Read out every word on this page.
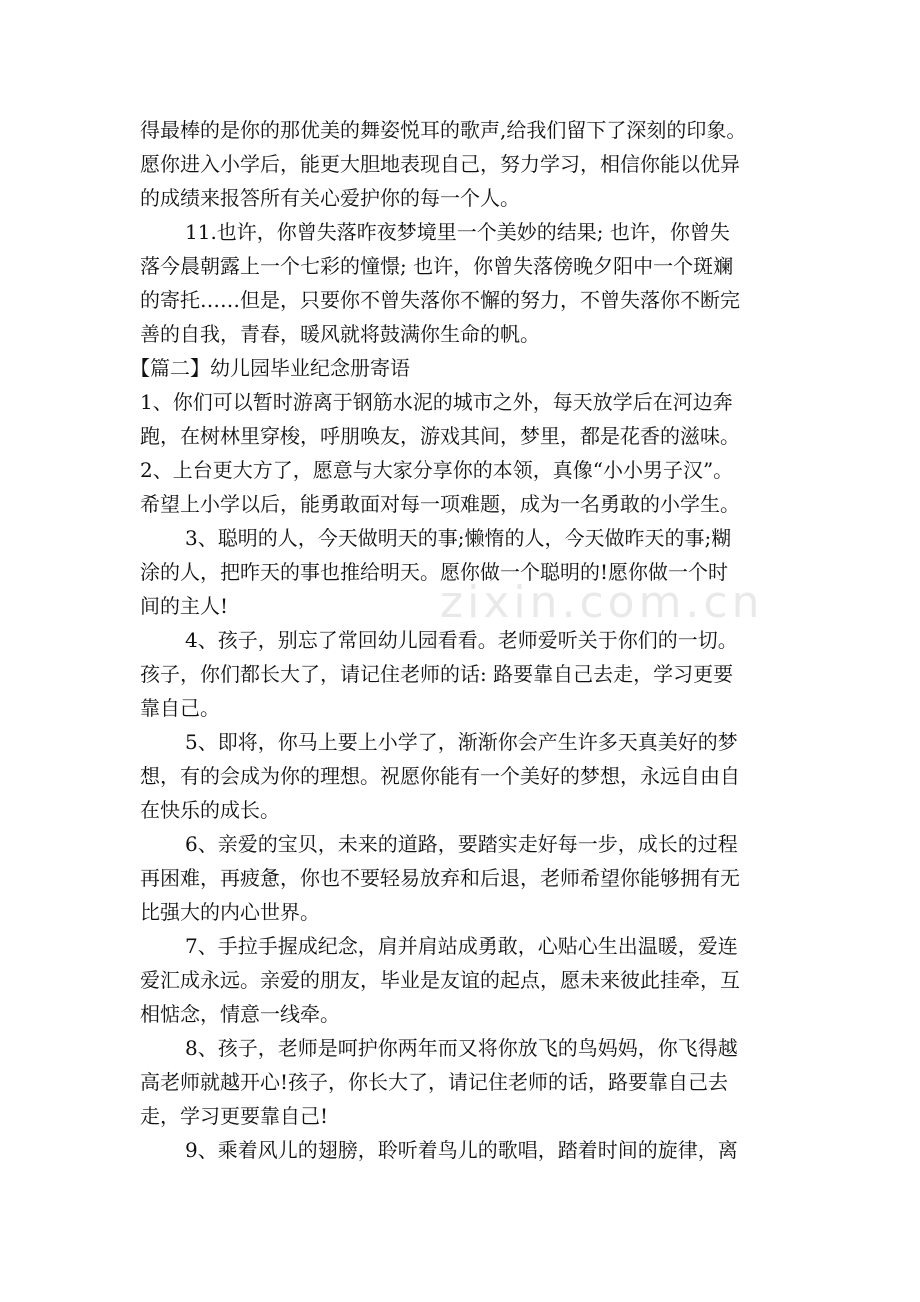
zixin.com.cn
得最棒的是你的那优美的舞姿悦耳的歌声,给我们留下了深刻的印象。
愿你进入小学后，能更大胆地表现自己，努力学习，相信你能以优异
的成绩来报答所有关心爱护你的每一个人。
11.也许，你曾失落昨夜梦境里一个美妙的结果; 也许，你曾失
落今晨朝露上一个七彩的憧憬; 也许，你曾失落傍晚夕阳中一个斑斓
的寄托……但是，只要你不曾失落你不懈的努力，不曾失落你不断完
善的自我，青春，暖风就将鼓满你生命的帆。
【篇二】幼儿园毕业纪念册寄语
1、你们可以暂时游离于钢筋水泥的城市之外，每天放学后在河边奔
跑，在树林里穿梭，呼朋唤友，游戏其间，梦里，都是花香的滋味。
2、上台更大方了，愿意与大家分享你的本领，真像“小小男子汉”。
希望上小学以后，能勇敢面对每一项难题，成为一名勇敢的小学生。
3、聪明的人，今天做明天的事;懒惰的人，今天做昨天的事;糊
涂的人，把昨天的事也推给明天。愿你做一个聪明的!愿你做一个时
间的主人!
4、孩子，别忘了常回幼儿园看看。老师爱听关于你们的一切。
孩子，你们都长大了，请记住老师的话: 路要靠自己去走，学习更要
靠自己。
5、即将，你马上要上小学了，渐渐你会产生许多天真美好的梦
想，有的会成为你的理想。祝愿你能有一个美好的梦想，永远自由自
在快乐的成长。
6、亲爱的宝贝，未来的道路，要踏实走好每一步，成长的过程
再困难，再疲惫，你也不要轻易放弃和后退，老师希望你能够拥有无
比强大的内心世界。
7、手拉手握成纪念，肩并肩站成勇敢，心贴心生出温暖，爱连
爱汇成永远。亲爱的朋友，毕业是友谊的起点，愿未来彼此挂牵，互
相惦念，情意一线牵。
8、孩子，老师是呵护你两年而又将你放飞的鸟妈妈，你飞得越
高老师就越开心!孩子，你长大了，请记住老师的话，路要靠自己去
走，学习更要靠自己!
9、乘着风儿的翅膀，聆听着鸟儿的歌唱，踏着时间的旋律，离
